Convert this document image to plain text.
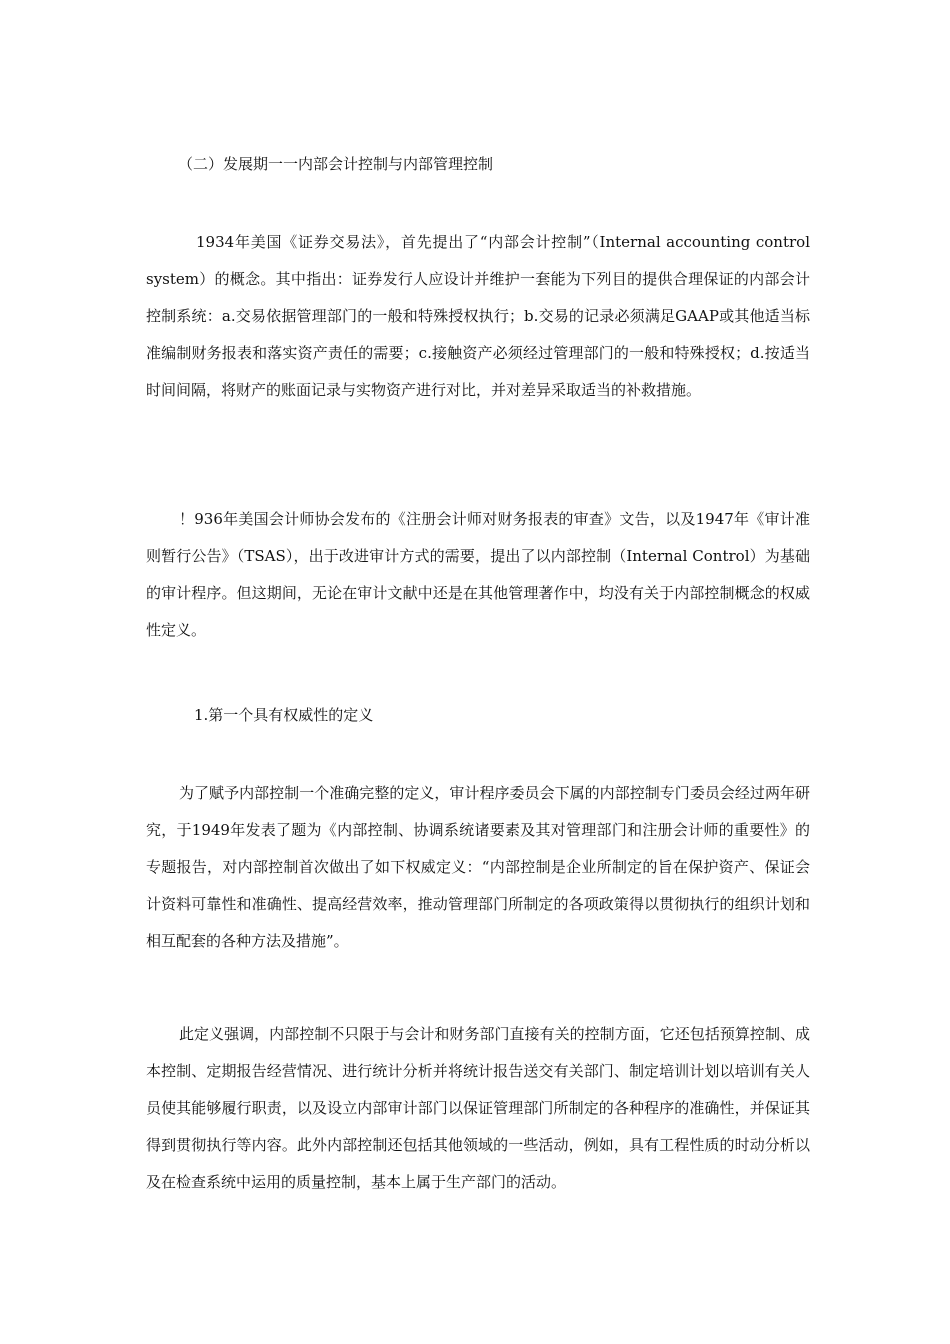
（二）发展期一一内部会计控制与内部管理控制

1934年美国《证券交易法》，首先提出了“内部会计控制”（Internal accounting control system）的概念。其中指出：证券发行人应设计并维护一套能为下列目的提供合理保证的内部会计控制系统：a.交易依据管理部门的一般和特殊授权执行；b.交易的记录必须满足GAAP或其他适当标准编制财务报表和落实资产责任的需要；c.接触资产必须经过管理部门的一般和特殊授权；d.按适当时间间隔，将财产的账面记录与实物资产进行对比，并对差异采取适当的补救措施。

！936年美国会计师协会发布的《注册会计师对财务报表的审查》文告，以及1947年《审计准则暂行公告》（TSAS），出于改进审计方式的需要，提出了以内部控制（Internal Control）为基础的审计程序。但这期间，无论在审计文献中还是在其他管理著作中，均没有关于内部控制概念的权威性定义。

1.第一个具有权威性的定义

为了赋予内部控制一个准确完整的定义，审计程序委员会下属的内部控制专门委员会经过两年研究，于1949年发表了题为《内部控制、协调系统诸要素及其对管理部门和注册会计师的重要性》的专题报告，对内部控制首次做出了如下权威定义：“内部控制是企业所制定的旨在保护资产、保证会计资料可靠性和准确性、提高经营效率，推动管理部门所制定的各项政策得以贯彻执行的组织计划和相互配套的各种方法及措施”。

此定义强调，内部控制不只限于与会计和财务部门直接有关的控制方面，它还包括预算控制、成本控制、定期报告经营情况、进行统计分析并将统计报告送交有关部门、制定培训计划以培训有关人员使其能够履行职责，以及设立内部审计部门以保证管理部门所制定的各种程序的准确性，并保证其得到贯彻执行等内容。此外内部控制还包括其他领域的一些活动，例如，具有工程性质的时动分析以及在检查系统中运用的质量控制，基本上属于生产部门的活动。
